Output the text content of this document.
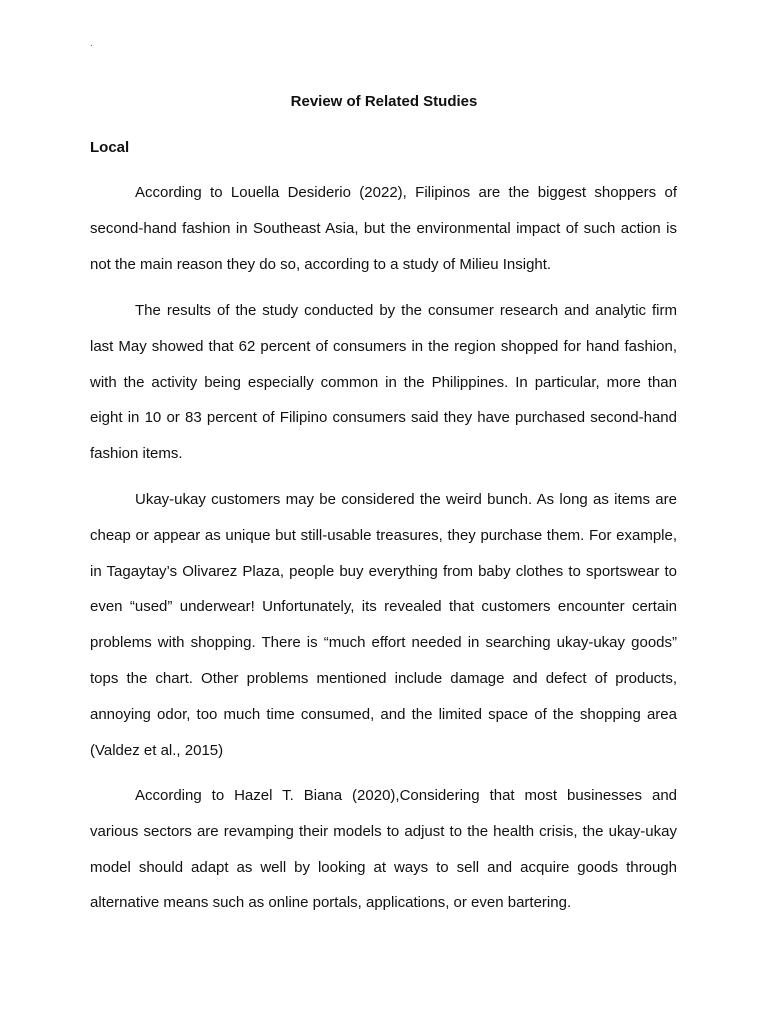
.
Review of Related Studies
Local

According to Louella Desiderio (2022), Filipinos are the biggest shoppers of second-hand fashion in Southeast Asia, but the environmental impact of such action is not the main reason they do so, according to a study of Milieu Insight.

The results of the study conducted by the consumer research and analytic firm last May showed that 62 percent of consumers in the region shopped for hand fashion, with the activity being especially common in the Philippines. In particular, more than eight in 10 or 83 percent of Filipino consumers said they have purchased second-hand fashion items.

Ukay-ukay customers may be considered the weird bunch. As long as items are cheap or appear as unique but still-usable treasures, they purchase them. For example, in Tagaytay’s Olivarez Plaza, people buy everything from baby clothes to sportswear to even “used” underwear! Unfortunately, its revealed that customers encounter certain problems with shopping. There is “much effort needed in searching ukay-ukay goods” tops the chart. Other problems mentioned include damage and defect of products, annoying odor, too much time consumed, and the limited space of the shopping area (Valdez et al., 2015)

According to Hazel T. Biana (2020),Considering that most businesses and various sectors are revamping their models to adjust to the health crisis, the ukay-ukay model should adapt as well by looking at ways to sell and acquire goods through alternative means such as online portals, applications, or even bartering.
